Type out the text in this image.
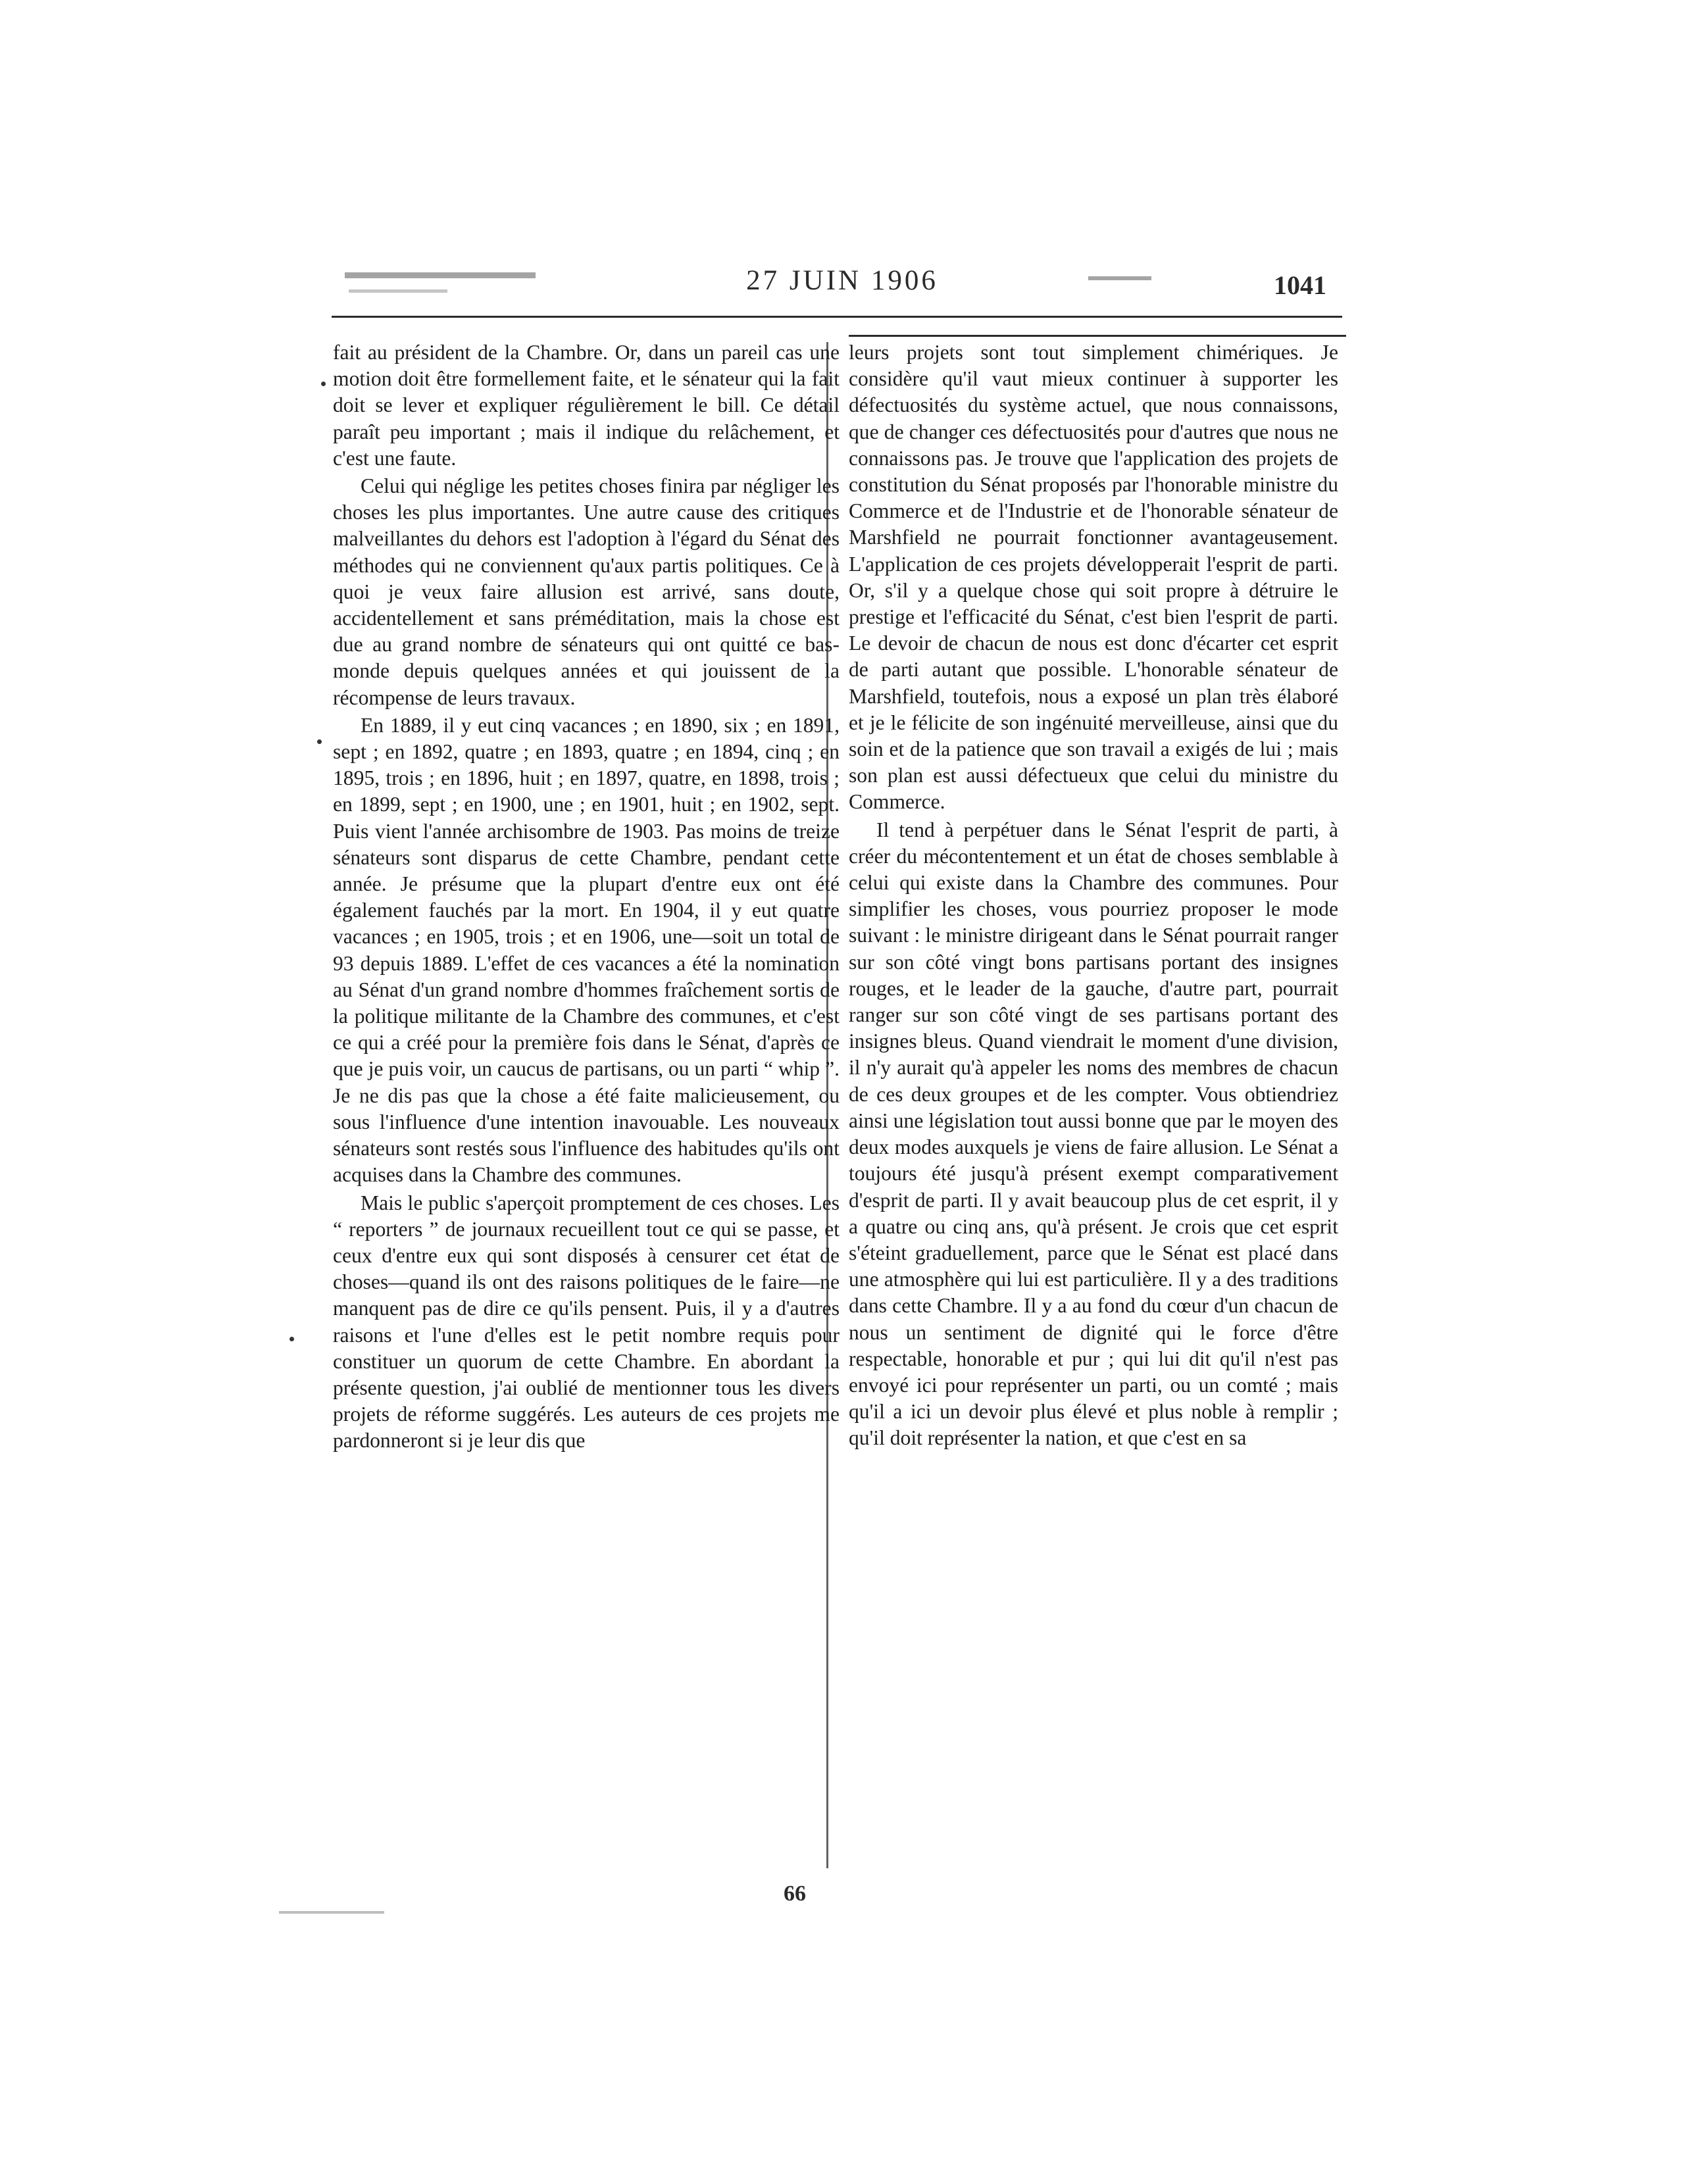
27 JUIN 1906	1041

fait au président de la Chambre. Or, dans un pareil cas une motion doit être formellement faite, et le sénateur qui la fait doit se lever et expliquer régulièrement le bill. Ce détail paraît peu important ; mais il indique du relâchement, et c'est une faute.

Celui qui néglige les petites choses finira par négliger les choses les plus importantes. Une autre cause des critiques malveillantes du dehors est l'adoption à l'égard du Sénat des méthodes qui ne conviennent qu'aux partis politiques. Ce à quoi je veux faire allusion est arrivé, sans doute, accidentellement et sans préméditation, mais la chose est due au grand nombre de sénateurs qui ont quitté ce bas-monde depuis quelques années et qui jouissent de la récompense de leurs travaux.

En 1889, il y eut cinq vacances ; en 1890, six ; en 1891, sept ; en 1892, quatre ; en 1893, quatre ; en 1894, cinq ; en 1895, trois ; en 1896, huit ; en 1897, quatre, en 1898, trois ; en 1899, sept ; en 1900, une ; en 1901, huit ; en 1902, sept. Puis vient l'année archisombre de 1903. Pas moins de treize sénateurs sont disparus de cette Chambre, pendant cette année. Je présume que la plupart d'entre eux ont été également fauchés par la mort. En 1904, il y eut quatre vacances ; en 1905, trois ; et en 1906, une—soit un total de 93 depuis 1889. L'effet de ces vacances a été la nomination au Sénat d'un grand nombre d'hommes fraîchement sortis de la politique militante de la Chambre des communes, et c'est ce qui a créé pour la première fois dans le Sénat, d'après ce que je puis voir, un caucus de partisans, ou un parti “ whip ”. Je ne dis pas que la chose a été faite malicieusement, ou sous l'influence d'une intention inavouable. Les nouveaux sénateurs sont restés sous l'influence des habitudes qu'ils ont acquises dans la Chambre des communes.

Mais le public s'aperçoit promptement de ces choses. Les “ reporters ” de journaux recueillent tout ce qui se passe, et ceux d'entre eux qui sont disposés à censurer cet état de choses—quand ils ont des raisons politiques de le faire—ne manquent pas de dire ce qu'ils pensent. Puis, il y a d'autres raisons et l'une d'elles est le petit nombre requis pour constituer un quorum de cette Chambre. En abordant la présente question, j'ai oublié de mentionner tous les divers projets de réforme suggérés. Les auteurs de ces projets me pardonneront si je leur dis que

leurs projets sont tout simplement chimériques. Je considère qu'il vaut mieux continuer à supporter les défectuosités du système actuel, que nous connaissons, que de changer ces défectuosités pour d'autres que nous ne connaissons pas. Je trouve que l'application des projets de constitution du Sénat proposés par l'honorable ministre du Commerce et de l'Industrie et de l'honorable sénateur de Marshfield ne pourrait fonctionner avantageusement. L'application de ces projets développerait l'esprit de parti. Or, s'il y a quelque chose qui soit propre à détruire le prestige et l'efficacité du Sénat, c'est bien l'esprit de parti. Le devoir de chacun de nous est donc d'écarter cet esprit de parti autant que possible. L'honorable sénateur de Marshfield, toutefois, nous a exposé un plan très élaboré et je le félicite de son ingénuité merveilleuse, ainsi que du soin et de la patience que son travail a exigés de lui ; mais son plan est aussi défectueux que celui du ministre du Commerce.

Il tend à perpétuer dans le Sénat l'esprit de parti, à créer du mécontentement et un état de choses semblable à celui qui existe dans la Chambre des communes. Pour simplifier les choses, vous pourriez proposer le mode suivant : le ministre dirigeant dans le Sénat pourrait ranger sur son côté vingt bons partisans portant des insignes rouges, et le leader de la gauche, d'autre part, pourrait ranger sur son côté vingt de ses partisans portant des insignes bleus. Quand viendrait le moment d'une division, il n'y aurait qu'à appeler les noms des membres de chacun de ces deux groupes et de les compter. Vous obtiendriez ainsi une législation tout aussi bonne que par le moyen des deux modes auxquels je viens de faire allusion. Le Sénat a toujours été jusqu'à présent exempt comparativement d'esprit de parti. Il y avait beaucoup plus de cet esprit, il y a quatre ou cinq ans, qu'à présent. Je crois que cet esprit s'éteint graduellement, parce que le Sénat est placé dans une atmosphère qui lui est particulière. Il y a des traditions dans cette Chambre. Il y a au fond du cœur d'un chacun de nous un sentiment de dignité qui le force d'être respectable, honorable et pur ; qui lui dit qu'il n'est pas envoyé ici pour représenter un parti, ou un comté ; mais qu'il a ici un devoir plus élevé et plus noble à remplir ; qu'il doit représenter la nation, et que c'est en sa

66
